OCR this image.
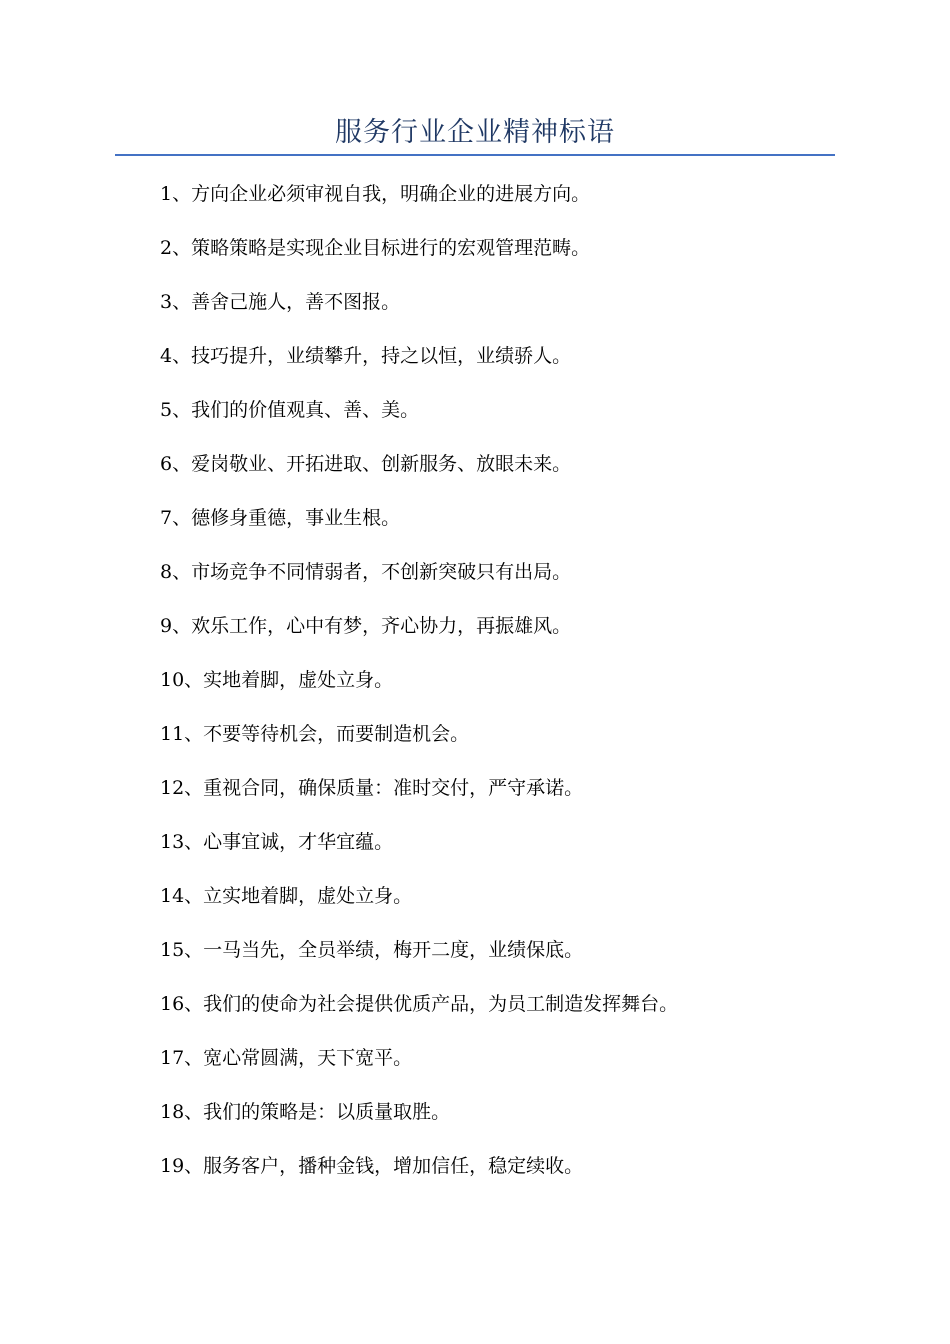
服务行业企业精神标语
1、方向企业必须审视自我，明确企业的进展方向。
2、策略策略是实现企业目标进行的宏观管理范畴。
3、善舍己施人，善不图报。
4、技巧提升，业绩攀升，持之以恒，业绩骄人。
5、我们的价值观真、善、美。
6、爱岗敬业、开拓进取、创新服务、放眼未来。
7、德修身重德，事业生根。
8、市场竞争不同情弱者，不创新突破只有出局。
9、欢乐工作，心中有梦，齐心协力，再振雄风。
10、实地着脚，虚处立身。
11、不要等待机会，而要制造机会。
12、重视合同，确保质量：准时交付，严守承诺。
13、心事宜诚，才华宜蕴。
14、立实地着脚，虚处立身。
15、一马当先，全员举绩，梅开二度，业绩保底。
16、我们的使命为社会提供优质产品，为员工制造发挥舞台。
17、宽心常圆满，天下宽平。
18、我们的策略是：以质量取胜。
19、服务客户，播种金钱，增加信任，稳定续收。
